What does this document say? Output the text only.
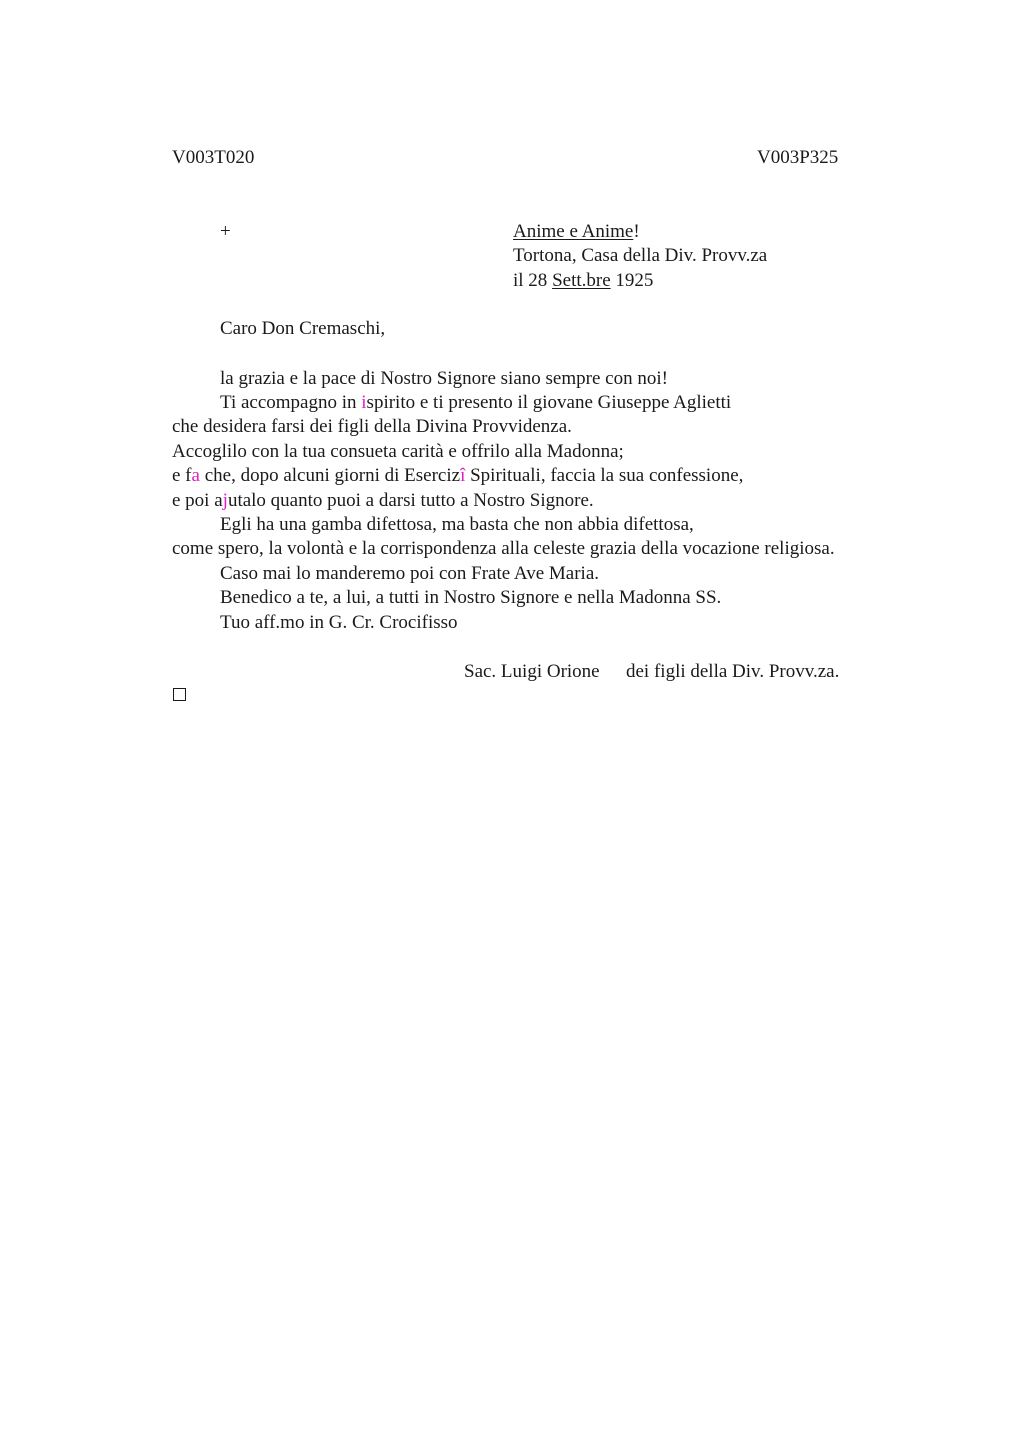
V003T020	V003P325
+	Anime e Anime!
Tortona, Casa della Div. Provv.za
il 28 Sett.bre 1925
Caro Don Cremaschi,
la grazia e la pace di Nostro Signore siano sempre con noi!
Ti accompagno in ispirito e ti presento il giovane Giuseppe Aglietti
che desidera farsi dei figli della Divina Provvidenza.
Accoglilo con la tua consueta carità e offrilo alla Madonna;
e fa che, dopo alcuni giorni di Esercizî Spirituali, faccia la sua confessione,
e poi ajutalo quanto puoi a darsi tutto a Nostro Signore.
Egli ha una gamba difettosa, ma basta che non abbia difettosa,
come spero, la volontà e la corrispondenza alla celeste grazia della vocazione religiosa.
Caso mai lo manderemo poi con Frate Ave Maria.
Benedico a te, a lui, a tutti in Nostro Signore e nella Madonna SS.
Tuo aff.mo in G. Cr. Crocifisso
Sac. Luigi Orione dei figli della Div. Provv.za.
